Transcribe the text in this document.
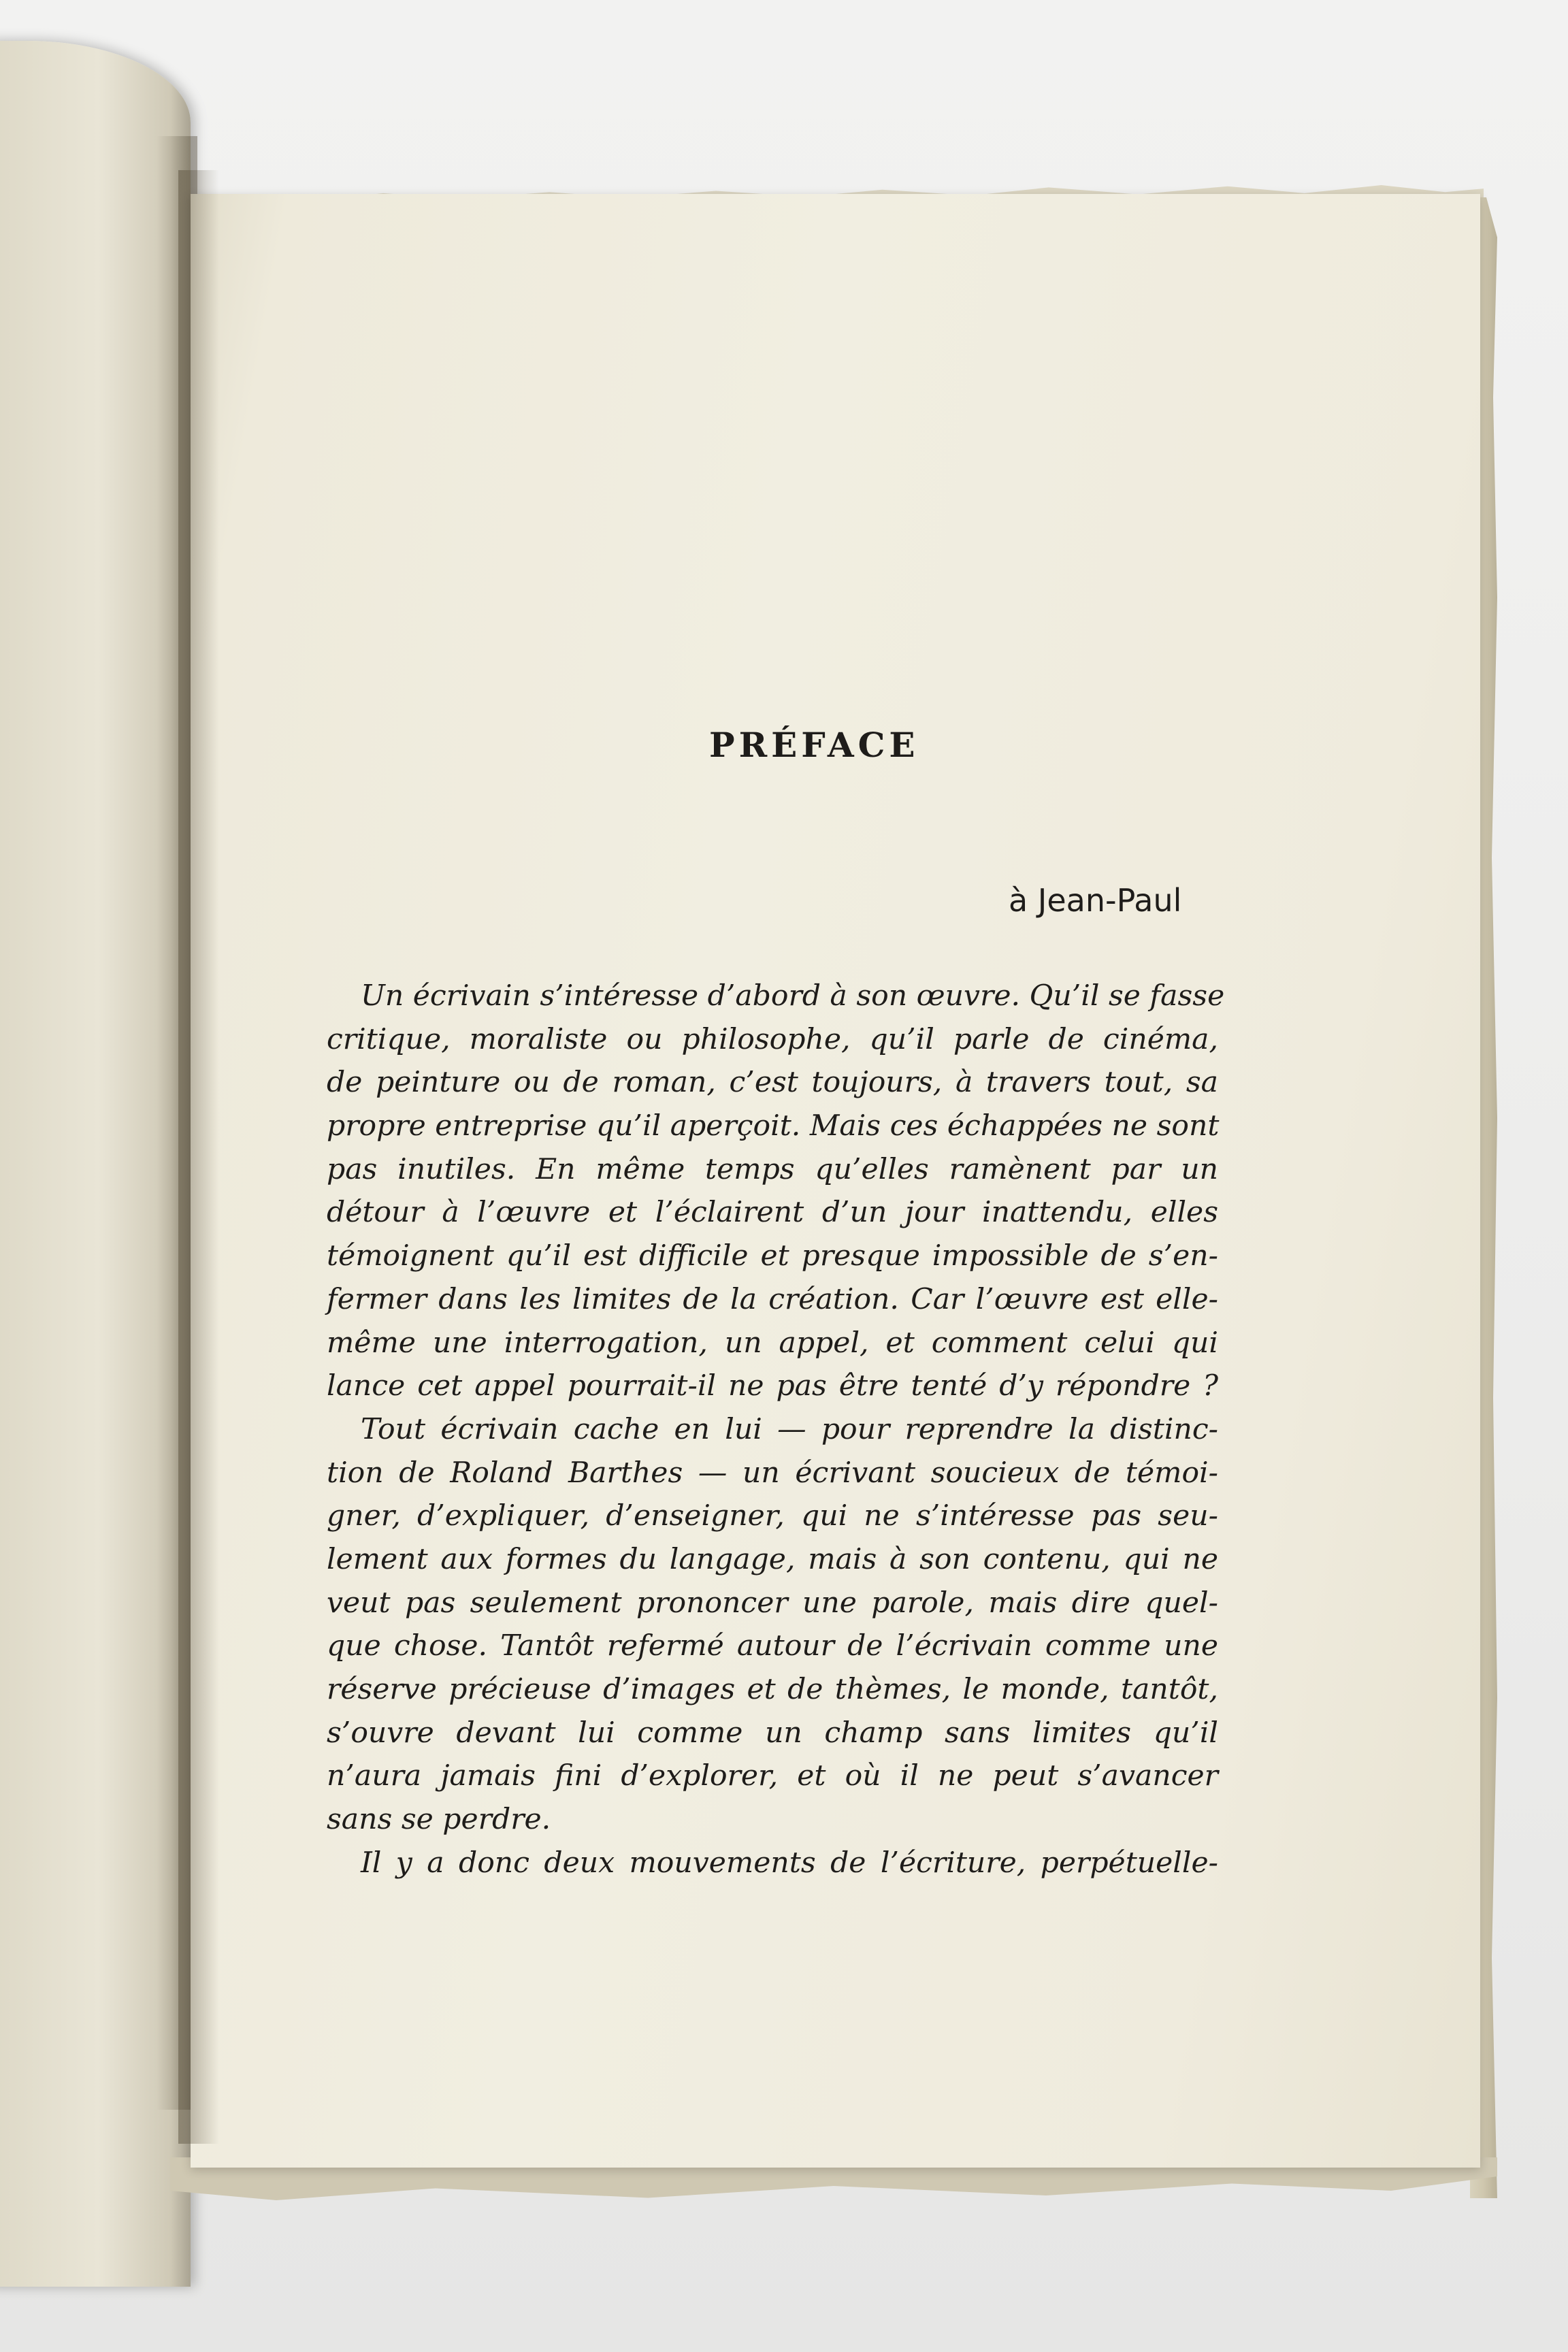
PRÉFACE
à Jean-Paul
Un écrivain s’intéresse d’abord à son œuvre. Qu’il se fasse
critique, moraliste ou philosophe, qu’il parle de cinéma,
de peinture ou de roman, c’est toujours, à travers tout, sa
propre entreprise qu’il aperçoit. Mais ces échappées ne sont
pas inutiles. En même temps qu’elles ramènent par un
détour à l’œuvre et l’éclairent d’un jour inattendu, elles
témoignent qu’il est difficile et presque impossible de s’en-
fermer dans les limites de la création. Car l’œuvre est elle-
même une interrogation, un appel, et comment celui qui
lance cet appel pourrait-il ne pas être tenté d’y répondre ?
Tout écrivain cache en lui — pour reprendre la distinc-
tion de Roland Barthes — un écrivant soucieux de témoi-
gner, d’expliquer, d’enseigner, qui ne s’intéresse pas seu-
lement aux formes du langage, mais à son contenu, qui ne
veut pas seulement prononcer une parole, mais dire quel-
que chose. Tantôt refermé autour de l’écrivain comme une
réserve précieuse d’images et de thèmes, le monde, tantôt,
s’ouvre devant lui comme un champ sans limites qu’il
n’aura jamais fini d’explorer, et où il ne peut s’avancer
sans se perdre.
Il y a donc deux mouvements de l’écriture, perpétuelle-
